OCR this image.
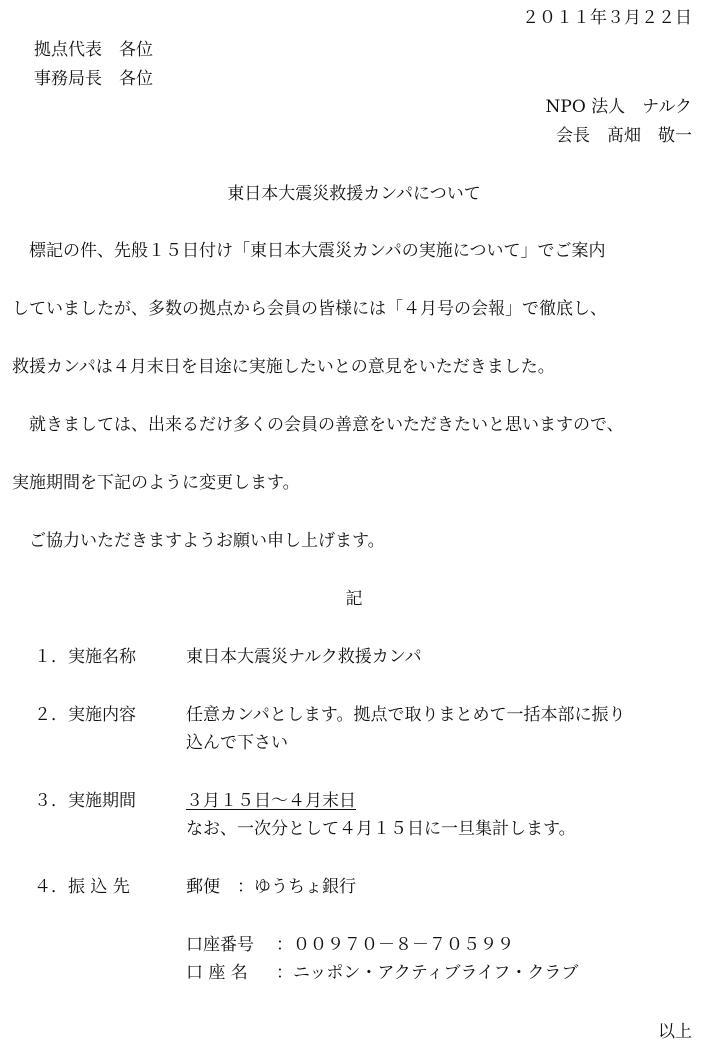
２０１１年３月２２日
拠点代表　各位
事務局長　各位
NPO 法人　ナルク
会長　髙畑　敬一
東日本大震災救援カンパについて
　標記の件、先般１５日付け「東日本大震災カンパの実施について」でご案内
していましたが、多数の拠点から会員の皆様には「４月号の会報」で徹底し、
救援カンパは４月末日を目途に実施したいとの意見をいただきました。
　就きましては、出来るだけ多くの会員の善意をいただきたいと思いますので、
実施期間を下記のように変更します。
　ご協力いただきますようお願い申し上げます。
記
１．実施名称	東日本大震災ナルク救援カンパ
２．実施内容	任意カンパとします。拠点で取りまとめて一括本部に振り
込んで下さい
３．実施期間	３月１５日～４月末日
なお、一次分として４月１５日に一旦集計します。
４．振 込 先	郵便　：ゆうちょ銀行
口座番号 ：００９７０－８－７０５９９
口 座 名 ：ニッポン・アクティブライフ・クラブ
以上
